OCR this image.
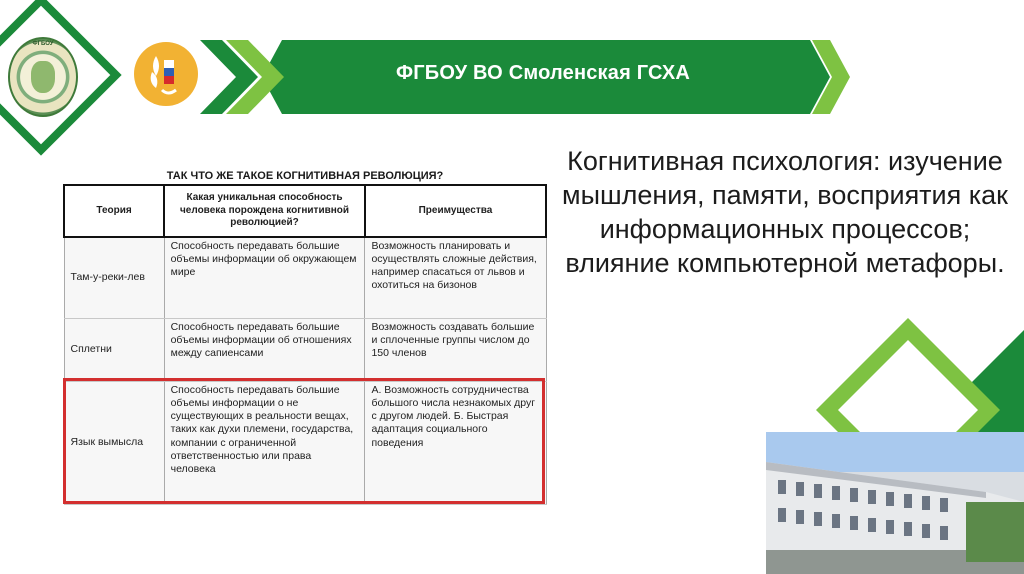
ФГБОУ
ФГБОУ ВО Смоленская ГСХА
ТАК ЧТО ЖЕ ТАКОЕ КОГНИТИВНАЯ РЕВОЛЮЦИЯ?
Теория	Какая уникальная способность человека порождена когнитивной революцией?	Преимущества
Там-у-реки-лев	Способность передавать большие объемы информации об окружающем мире	Возможность планировать и осуществлять сложные действия, например спасаться от львов и охотиться на бизонов
Сплетни	Способность передавать большие объемы информации об отношениях между сапиенсами	Возможность создавать большие и сплоченные группы числом до 150 членов
Язык вымысла	Способность передавать большие объемы информации о не существующих в реальности вещах, таких как духи племени, государства, компании с ограниченной ответственностью или права человека	А. Возможность сотрудничества большого числа незнакомых друг с другом людей. Б. Быстрая адаптация социального поведения
Когнитивная психология: изучение мышления, памяти, восприятия как информационных процессов; влияние компьютерной метафоры.
